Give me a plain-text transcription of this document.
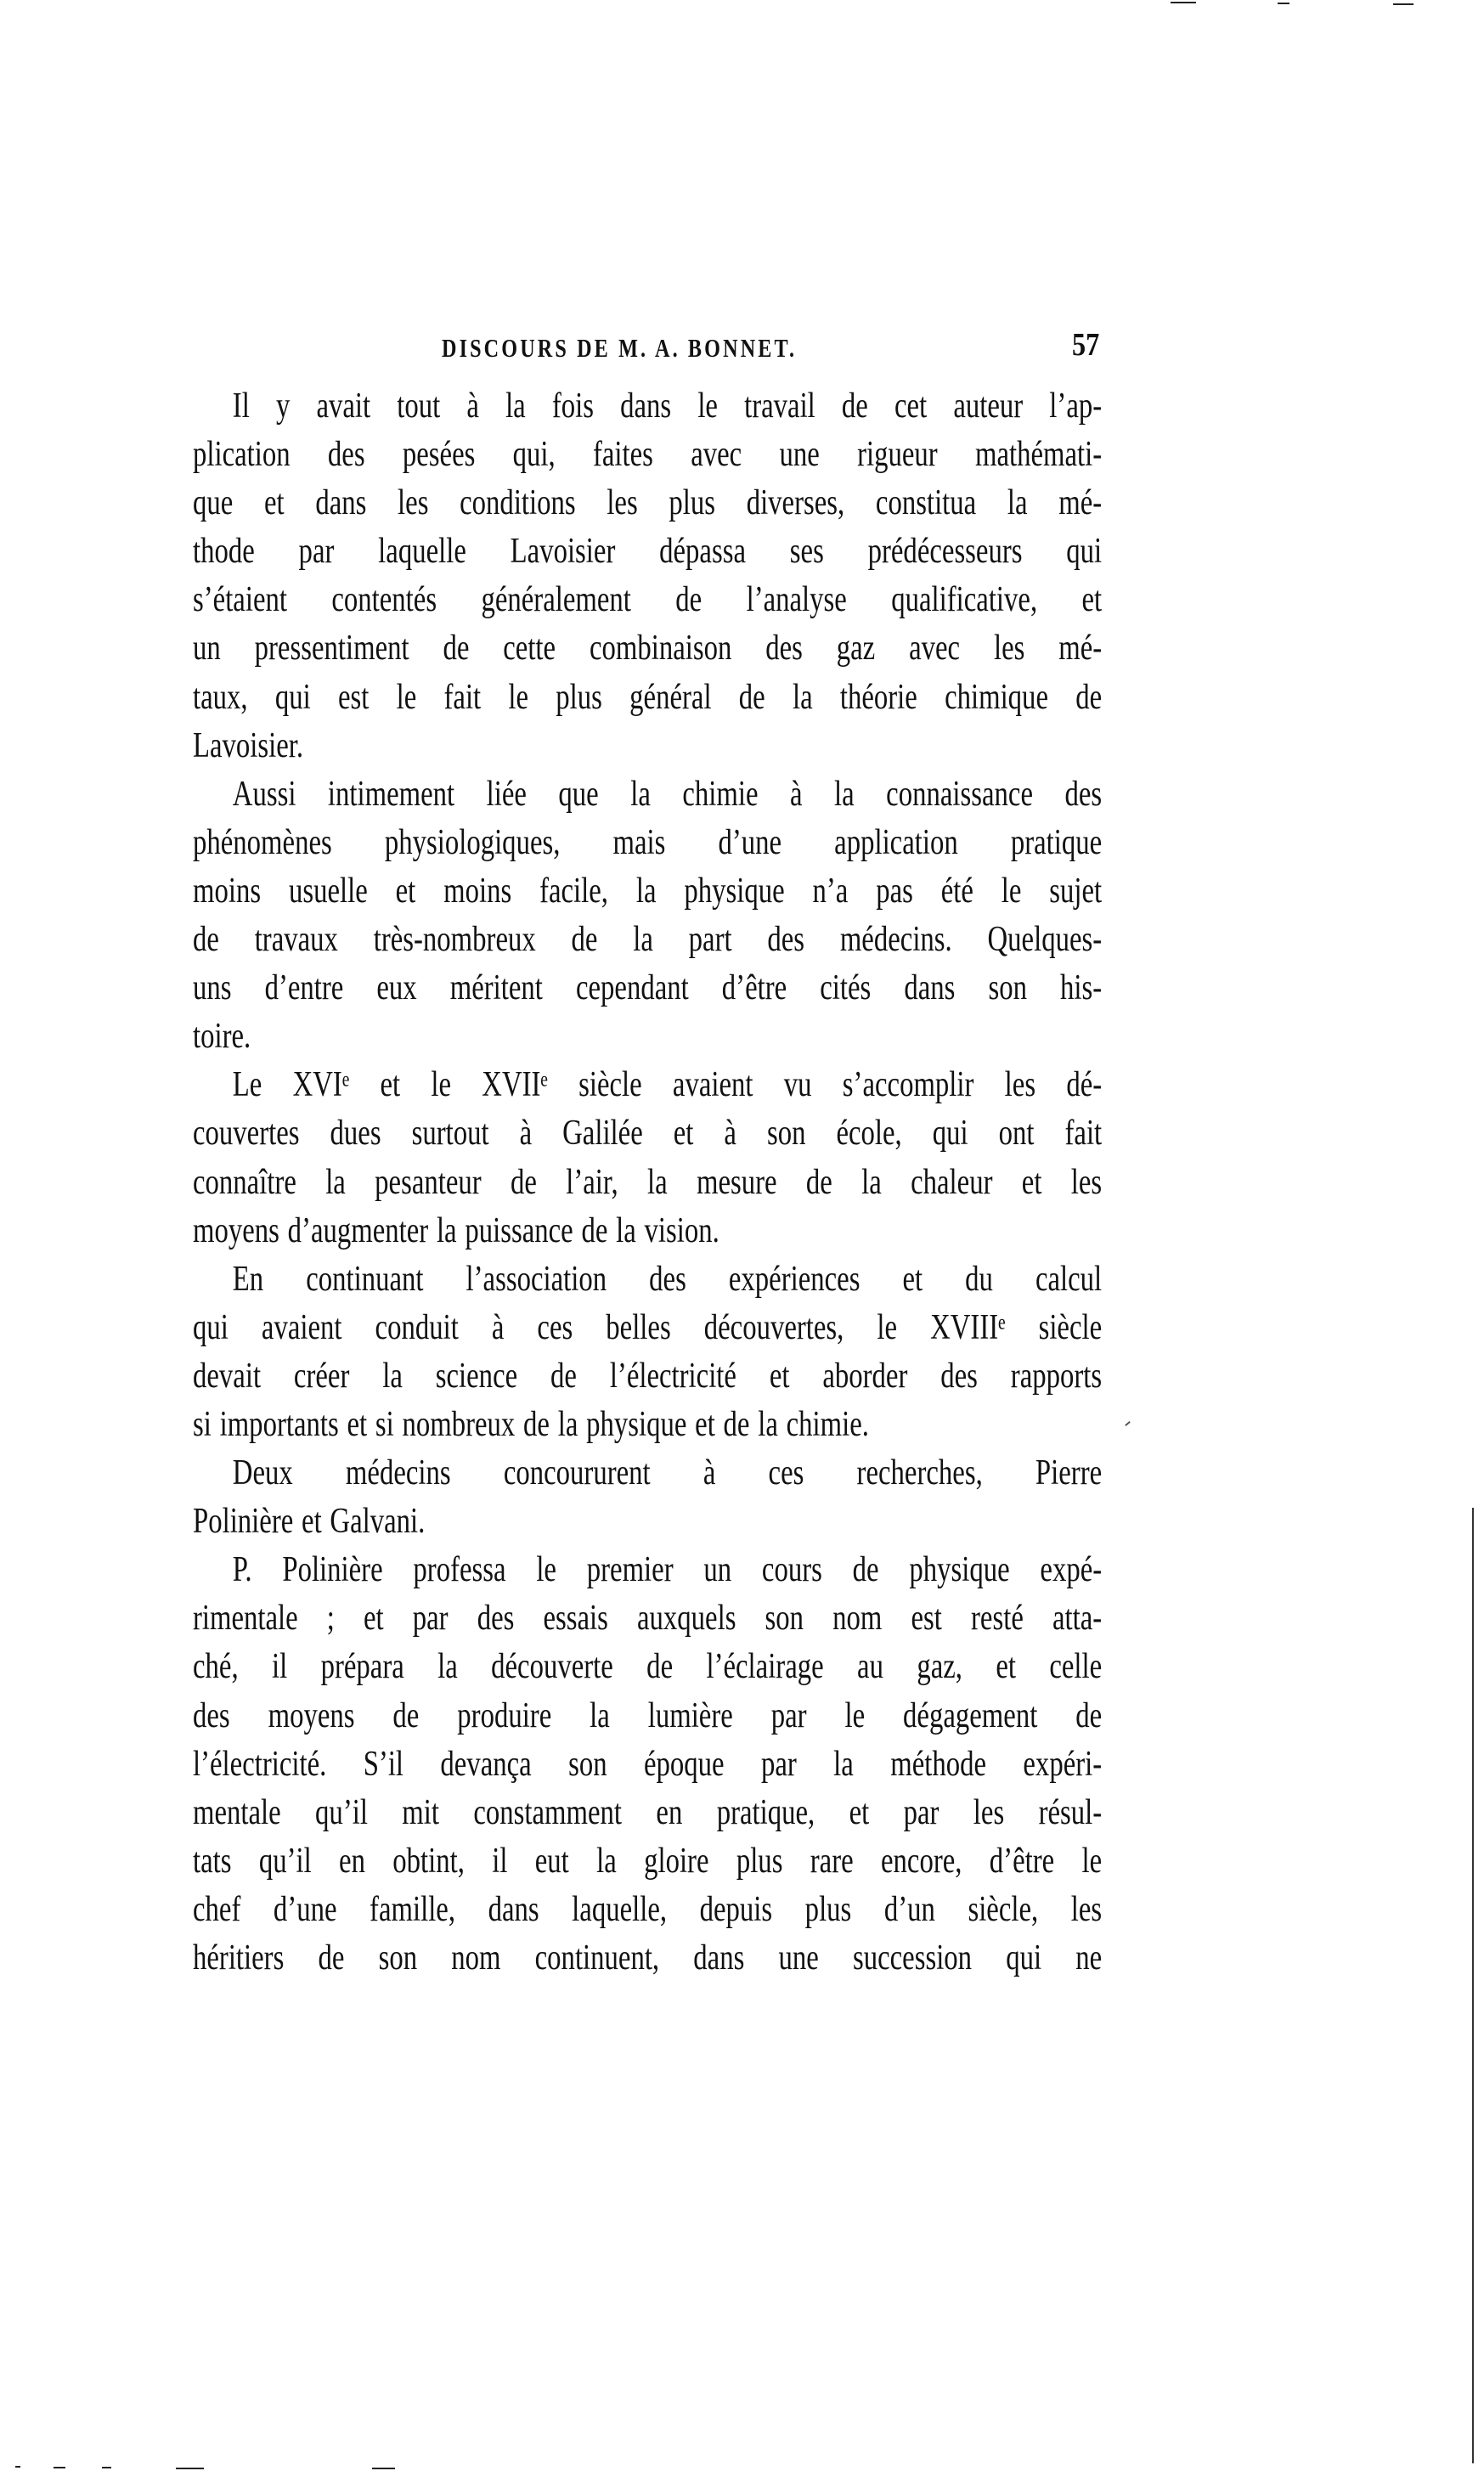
DISCOURS DE M. A. BONNET.	57
Il y avait tout à la fois dans le travail de cet auteur l’ap-
plication des pesées qui, faites avec une rigueur mathémati-
que et dans les conditions les plus diverses, constitua la mé-
thode par laquelle Lavoisier dépassa ses prédécesseurs qui
s’étaient contentés généralement de l’analyse qualificative, et
un pressentiment de cette combinaison des gaz avec les mé-
taux, qui est le fait le plus général de la théorie chimique de
Lavoisier.
Aussi intimement liée que la chimie à la connaissance des
phénomènes physiologiques, mais d’une application pratique
moins usuelle et moins facile, la physique n’a pas été le sujet
de travaux très-nombreux de la part des médecins. Quelques-
uns d’entre eux méritent cependant d’être cités dans son his-
toire.
Le XVIᵉ et le XVIIᵉ siècle avaient vu s’accomplir les dé-
couvertes dues surtout à Galilée et à son école, qui ont fait
connaître la pesanteur de l’air, la mesure de la chaleur et les
moyens d’augmenter la puissance de la vision.
En continuant l’association des expériences et du calcul
qui avaient conduit à ces belles découvertes, le XVIIIᵉ siècle
devait créer la science de l’électricité et aborder des rapports
si importants et si nombreux de la physique et de la chimie.
Deux médecins concoururent à ces recherches, Pierre
Polinière et Galvani.
P. Polinière professa le premier un cours de physique expé-
rimentale ; et par des essais auxquels son nom est resté atta-
ché, il prépara la découverte de l’éclairage au gaz, et celle
des moyens de produire la lumière par le dégagement de
l’électricité. S’il devança son époque par la méthode expéri-
mentale qu’il mit constamment en pratique, et par les résul-
tats qu’il en obtint, il eut la gloire plus rare encore, d’être le
chef d’une famille, dans laquelle, depuis plus d’un siècle, les
héritiers de son nom continuent, dans une succession qui ne
